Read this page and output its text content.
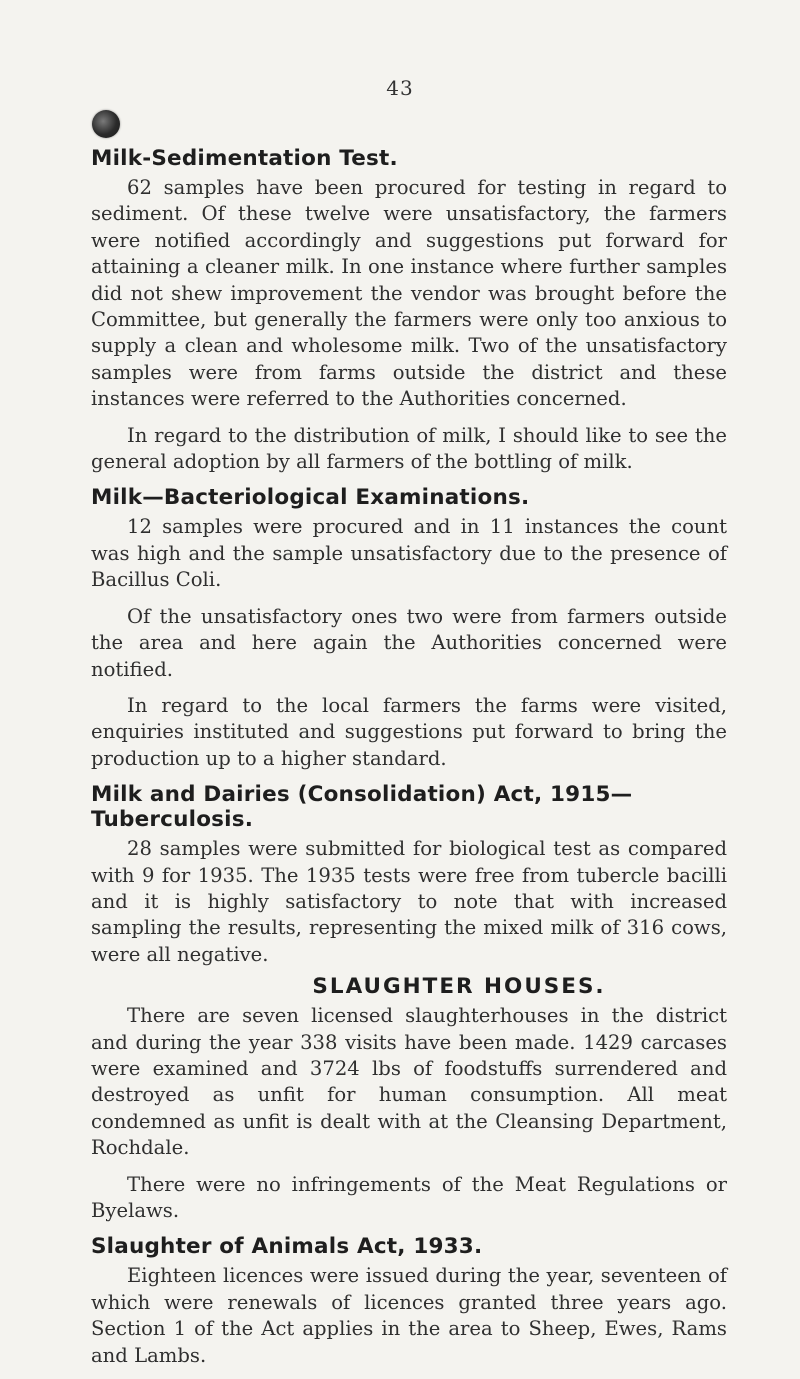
43
Milk-Sedimentation Test.

62 samples have been procured for testing in regard to sediment. Of these twelve were unsatisfactory, the farmers were notified accordingly and suggestions put forward for attaining a cleaner milk. In one instance where further samples did not shew improvement the vendor was brought before the Committee, but generally the farmers were only too anxious to supply a clean and wholesome milk. Two of the unsatisfactory samples were from farms outside the district and these instances were referred to the Authorities concerned.

In regard to the distribution of milk, I should like to see the general adoption by all farmers of the bottling of milk.

Milk—Bacteriological Examinations.

12 samples were procured and in 11 instances the count was high and the sample unsatisfactory due to the presence of Bacillus Coli.

Of the unsatisfactory ones two were from farmers outside the area and here again the Authorities concerned were notified.

In regard to the local farmers the farms were visited, enquiries instituted and suggestions put forward to bring the production up to a higher standard.

Milk and Dairies (Consolidation) Act, 1915—Tuberculosis.

28 samples were submitted for biological test as compared with 9 for 1935. The 1935 tests were free from tubercle bacilli and it is highly satisfactory to note that with increased sampling the results, representing the mixed milk of 316 cows, were all negative.

SLAUGHTER HOUSES.

There are seven licensed slaughterhouses in the district and during the year 338 visits have been made. 1429 carcases were examined and 3724 lbs of foodstuffs surrendered and destroyed as unfit for human consumption. All meat condemned as unfit is dealt with at the Cleansing Department, Rochdale.

There were no infringements of the Meat Regulations or Byelaws.

Slaughter of Animals Act, 1933.

Eighteen licences were issued during the year, seventeen of which were renewals of licences granted three years ago. Section 1 of the Act applies in the area to Sheep, Ewes, Rams and Lambs.
